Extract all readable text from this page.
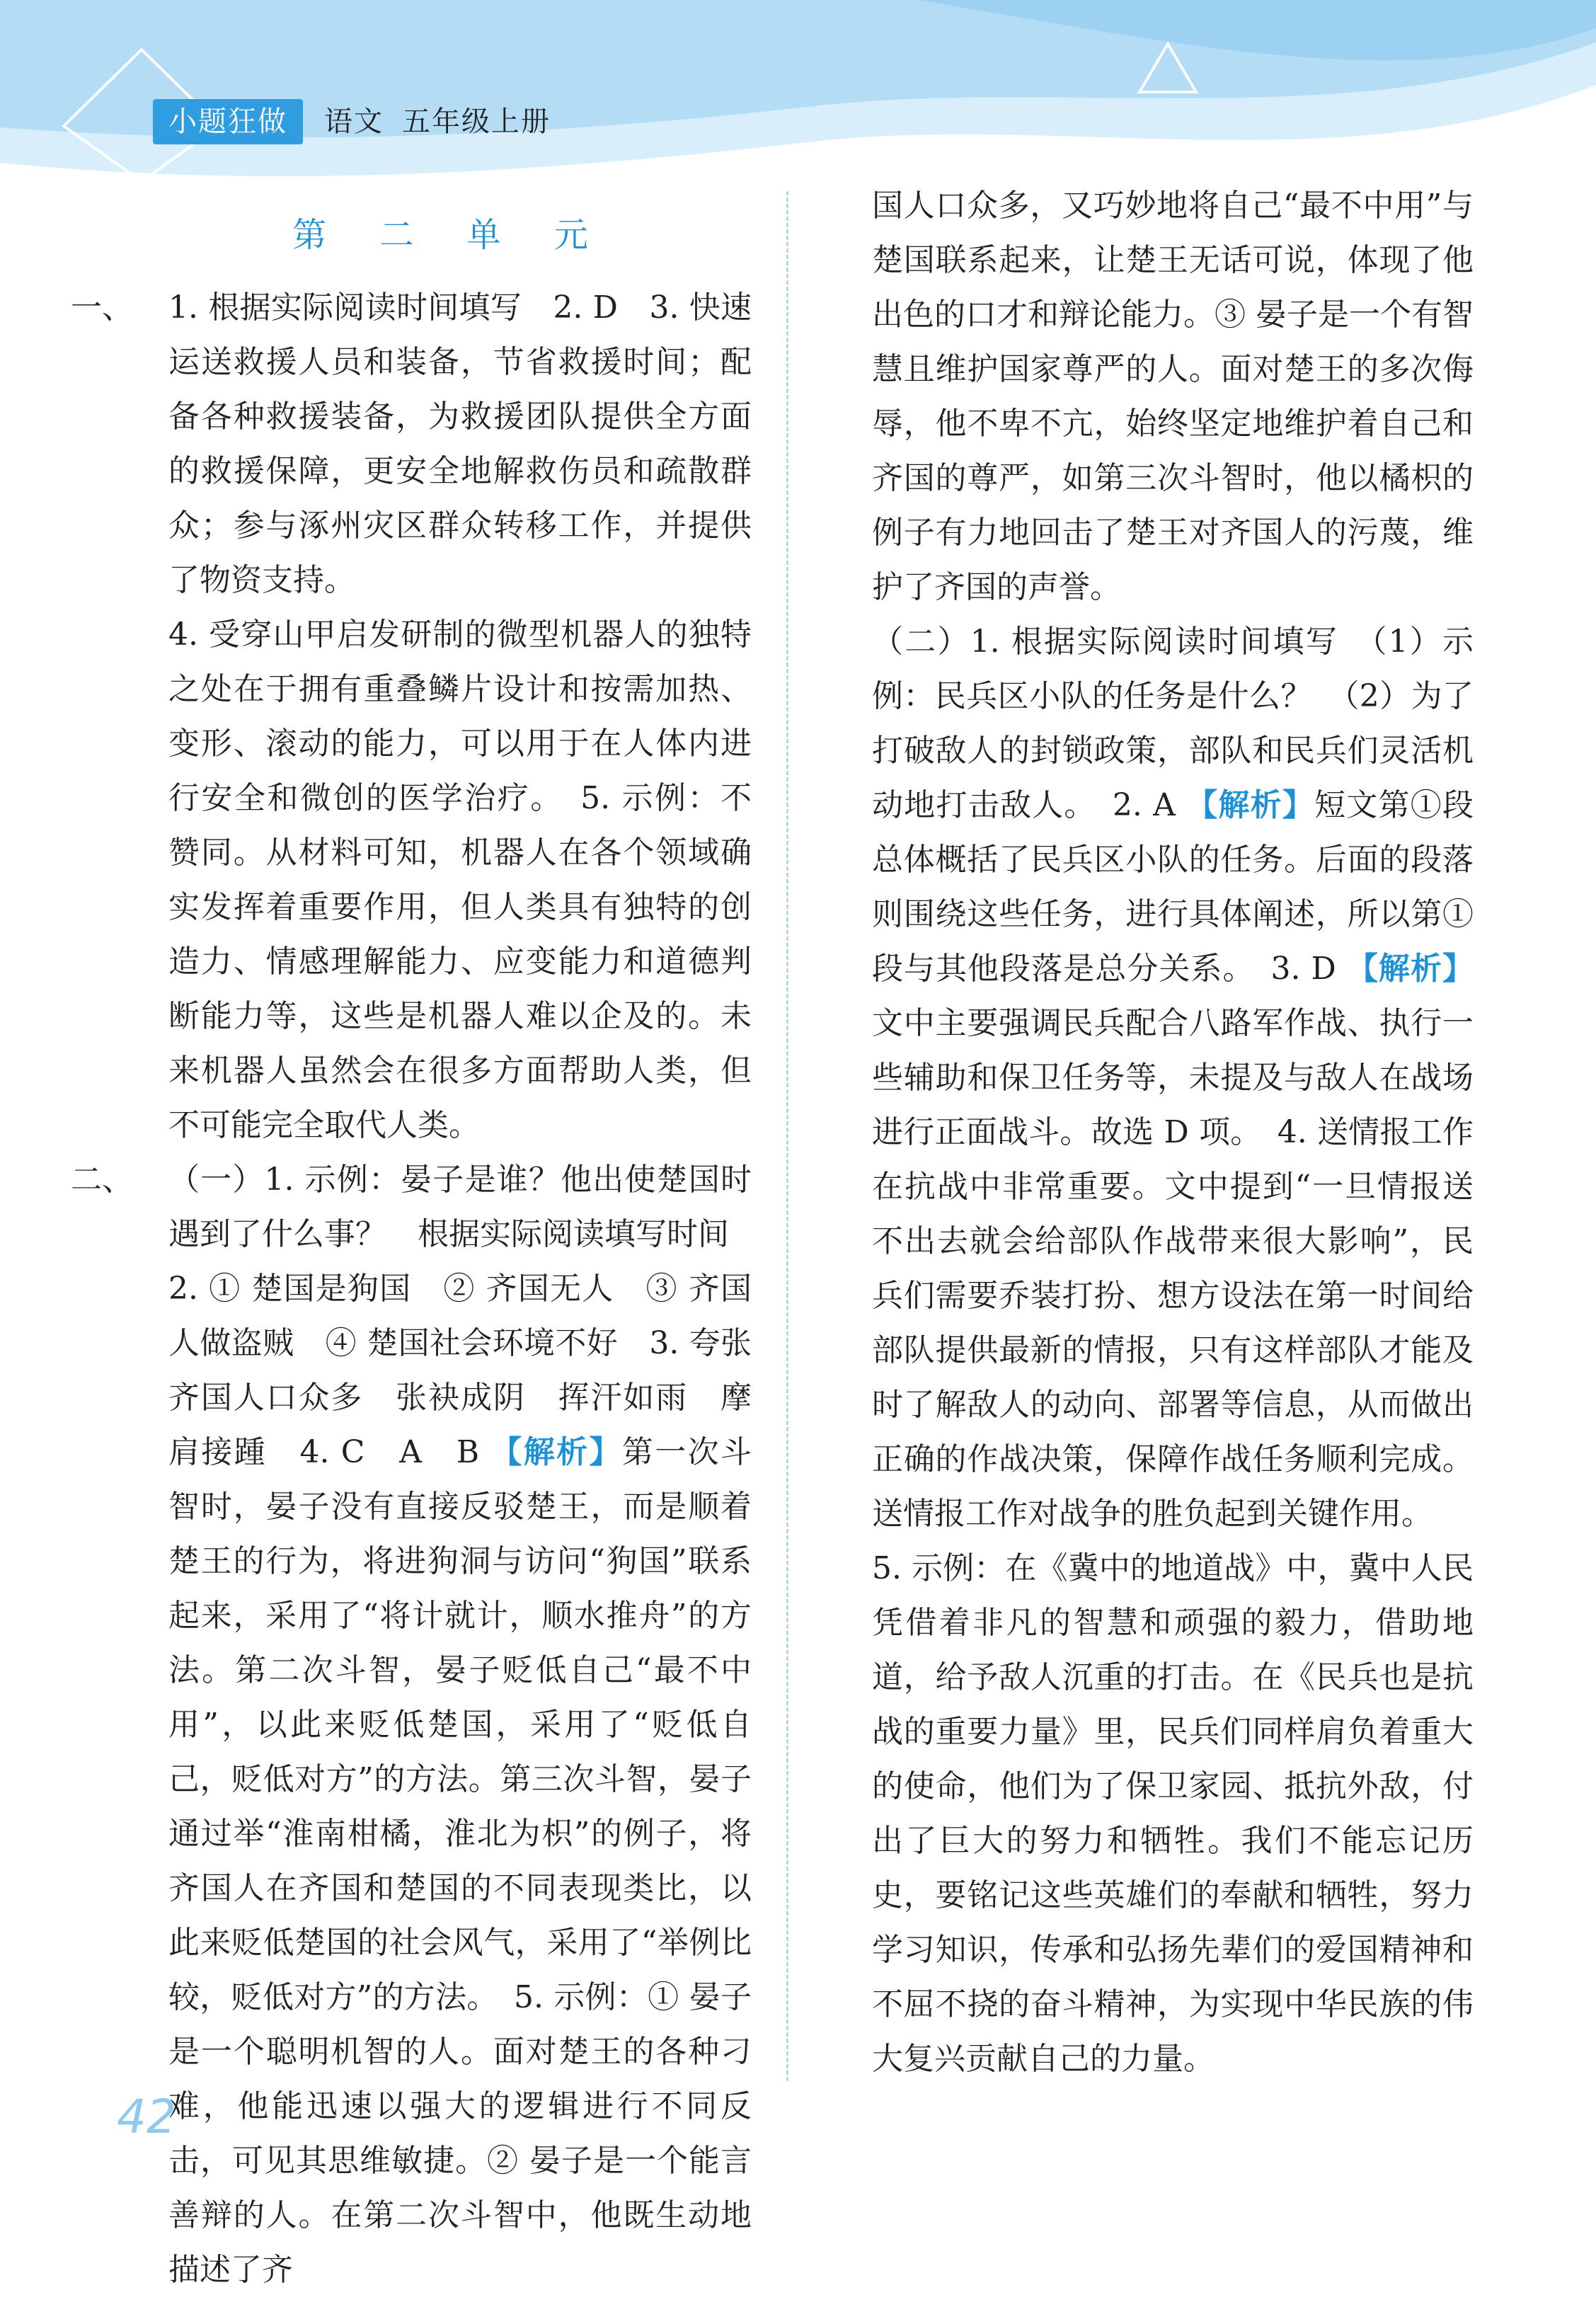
小题狂做	语文 五年级上册
第 二 单 元
一、 1. 根据实际阅读时间填写　2. D　3. 快速运送救援人员和装备，节省救援时间；配备各种救援装备，为救援团队提供全方面的救援保障，更安全地解救伤员和疏散群众；参与涿州灾区群众转移工作，并提供了物资支持。

4. 受穿山甲启发研制的微型机器人的独特之处在于拥有重叠鳞片设计和按需加热、变形、滚动的能力，可以用于在人体内进行安全和微创的医学治疗。　5. 示例：不赞同。从材料可知，机器人在各个领域确实发挥着重要作用，但人类具有独特的创造力、情感理解能力、应变能力和道德判断能力等，这些是机器人难以企及的。未来机器人虽然会在很多方面帮助人类，但不可能完全取代人类。

二、 （一）1. 示例：晏子是谁？他出使楚国时遇到了什么事？　根据实际阅读填写时间

2. ① 楚国是狗国　② 齐国无人　③ 齐国人做盗贼　④ 楚国社会环境不好　3. 夸张　齐国人口众多　张袂成阴　挥汗如雨　摩肩接踵　4. C　A　B 【解析】第一次斗智时，晏子没有直接反驳楚王，而是顺着楚王的行为，将进狗洞与访问“狗国”联系起来，采用了“将计就计，顺水推舟”的方法。第二次斗智，晏子贬低自己“最不中用”，以此来贬低楚国，采用了“贬低自己，贬低对方”的方法。第三次斗智，晏子通过举“淮南柑橘，淮北为枳”的例子，将齐国人在齐国和楚国的不同表现类比，以此来贬低楚国的社会风气，采用了“举例比较，贬低对方”的方法。　5. 示例：① 晏子是一个聪明机智的人。面对楚王的各种刁难，他能迅速以强大的逻辑进行不同反击，可见其思维敏捷。② 晏子是一个能言善辩的人。在第二次斗智中，他既生动地描述了齐

国人口众多，又巧妙地将自己“最不中用”与楚国联系起来，让楚王无话可说，体现了他出色的口才和辩论能力。③ 晏子是一个有智慧且维护国家尊严的人。面对楚王的多次侮辱，他不卑不亢，始终坚定地维护着自己和齐国的尊严，如第三次斗智时，他以橘枳的例子有力地回击了楚王对齐国人的污蔑，维护了齐国的声誉。

（二）1. 根据实际阅读时间填写　（1）示例：民兵区小队的任务是什么？　（2）为了打破敌人的封锁政策，部队和民兵们灵活机动地打击敌人。　2. A 【解析】短文第①段总体概括了民兵区小队的任务。后面的段落则围绕这些任务，进行具体阐述，所以第①段与其他段落是总分关系。　3. D 【解析】文中主要强调民兵配合八路军作战、执行一些辅助和保卫任务等，未提及与敌人在战场进行正面战斗。故选 D 项。　4. 送情报工作在抗战中非常重要。文中提到“一旦情报送不出去就会给部队作战带来很大影响”，民兵们需要乔装打扮、想方设法在第一时间给部队提供最新的情报，只有这样部队才能及时了解敌人的动向、部署等信息，从而做出正确的作战决策，保障作战任务顺利完成。送情报工作对战争的胜负起到关键作用。

5. 示例：在《冀中的地道战》中，冀中人民凭借着非凡的智慧和顽强的毅力，借助地道，给予敌人沉重的打击。在《民兵也是抗战的重要力量》里，民兵们同样肩负着重大的使命，他们为了保卫家园、抵抗外敌，付出了巨大的努力和牺牲。我们不能忘记历史，要铭记这些英雄们的奉献和牺牲，努力学习知识，传承和弘扬先辈们的爱国精神和不屈不挠的奋斗精神，为实现中华民族的伟大复兴贡献自己的力量。

42
